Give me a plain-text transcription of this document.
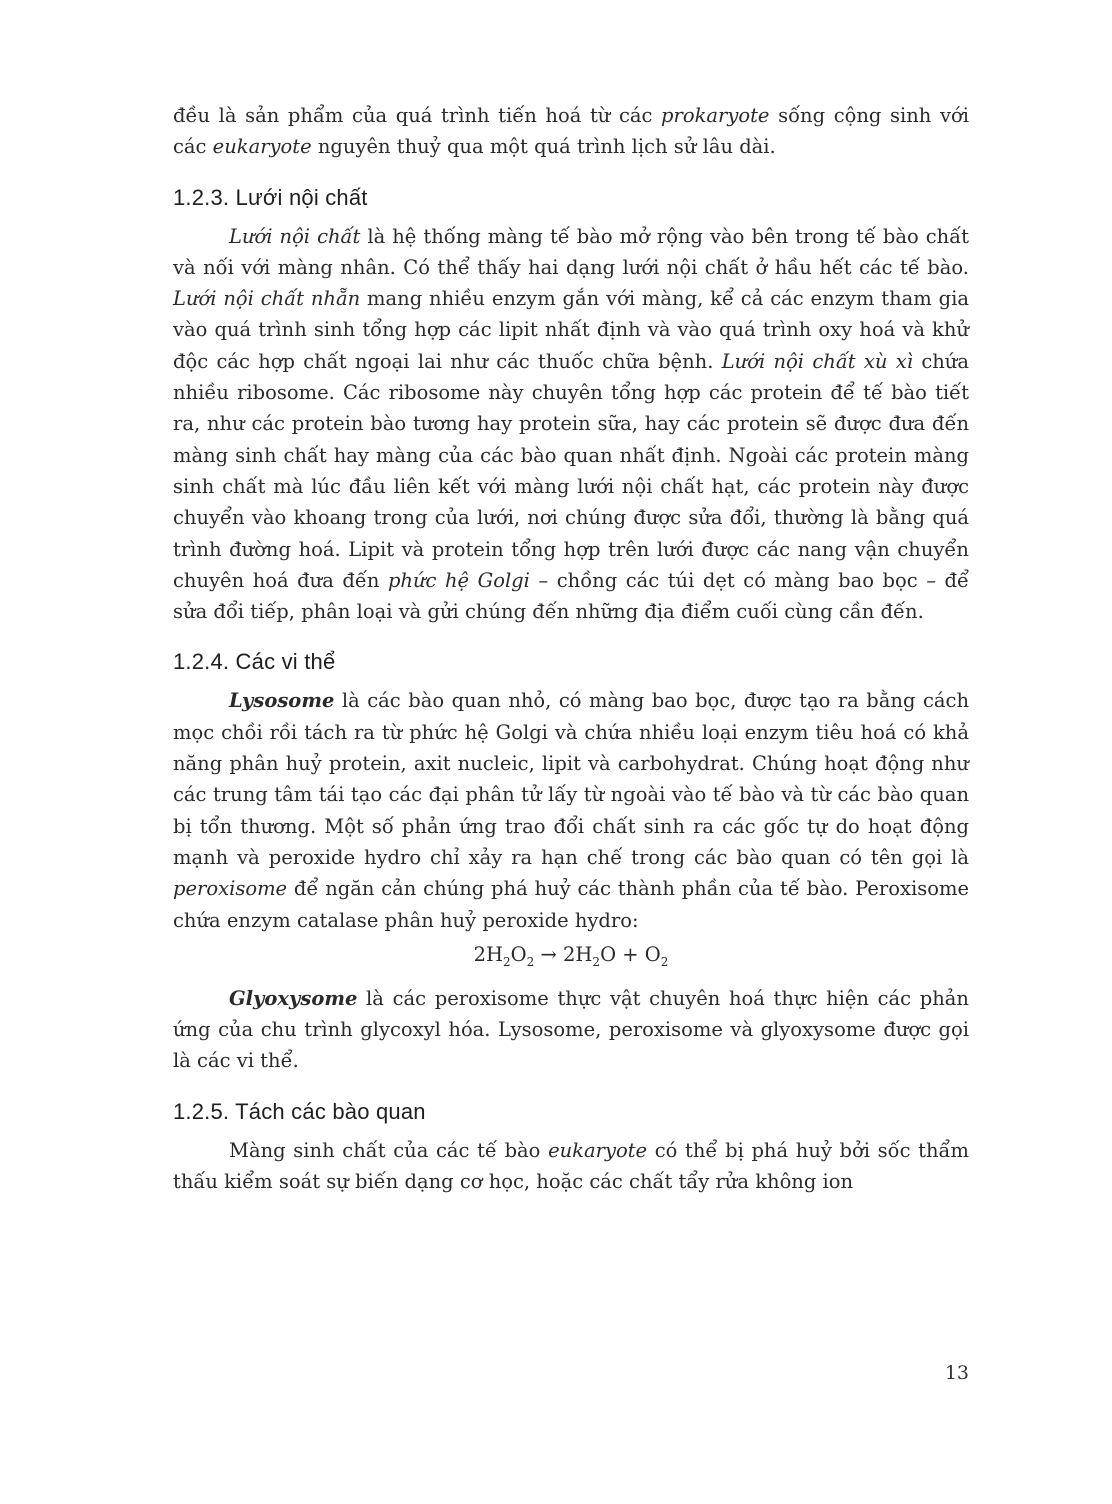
đều là sản phẩm của quá trình tiến hoá từ các prokaryote sống cộng sinh với các eukaryote nguyên thuỷ qua một quá trình lịch sử lâu dài.

1.2.3. Lưới nội chất

Lưới nội chất là hệ thống màng tế bào mở rộng vào bên trong tế bào chất và nối với màng nhân. Có thể thấy hai dạng lưới nội chất ở hầu hết các tế bào. Lưới nội chất nhẵn mang nhiều enzym gắn với màng, kể cả các enzym tham gia vào quá trình sinh tổng hợp các lipit nhất định và vào quá trình oxy hoá và khử độc các hợp chất ngoại lai như các thuốc chữa bệnh. Lưới nội chất xù xì chứa nhiều ribosome. Các ribosome này chuyên tổng hợp các protein để tế bào tiết ra, như các protein bào tương hay protein sữa, hay các protein sẽ được đưa đến màng sinh chất hay màng của các bào quan nhất định. Ngoài các protein màng sinh chất mà lúc đầu liên kết với màng lưới nội chất hạt, các protein này được chuyển vào khoang trong của lưới, nơi chúng được sửa đổi, thường là bằng quá trình đường hoá. Lipit và protein tổng hợp trên lưới được các nang vận chuyển chuyên hoá đưa đến phức hệ Golgi – chồng các túi dẹt có màng bao bọc – để sửa đổi tiếp, phân loại và gửi chúng đến những địa điểm cuối cùng cần đến.

1.2.4. Các vi thể

Lysosome là các bào quan nhỏ, có màng bao bọc, được tạo ra bằng cách mọc chồi rồi tách ra từ phức hệ Golgi và chứa nhiều loại enzym tiêu hoá có khả năng phân huỷ protein, axit nucleic, lipit và carbohydrat. Chúng hoạt động như các trung tâm tái tạo các đại phân tử lấy từ ngoài vào tế bào và từ các bào quan bị tổn thương. Một số phản ứng trao đổi chất sinh ra các gốc tự do hoạt động mạnh và peroxide hydro chỉ xảy ra hạn chế trong các bào quan có tên gọi là peroxisome để ngăn cản chúng phá huỷ các thành phần của tế bào. Peroxisome chứa enzym catalase phân huỷ peroxide hydro:

$2H_2O_2 \to 2H_2O + O_2$

Glyoxysome là các peroxisome thực vật chuyên hoá thực hiện các phản ứng của chu trình glycoxyl hóa. Lysosome, peroxisome và glyoxysome được gọi là các vi thể.

1.2.5. Tách các bào quan

Màng sinh chất của các tế bào eukaryote có thể bị phá huỷ bởi sốc thẩm thấu kiểm soát sự biến dạng cơ học, hoặc các chất tẩy rửa không ion

13
